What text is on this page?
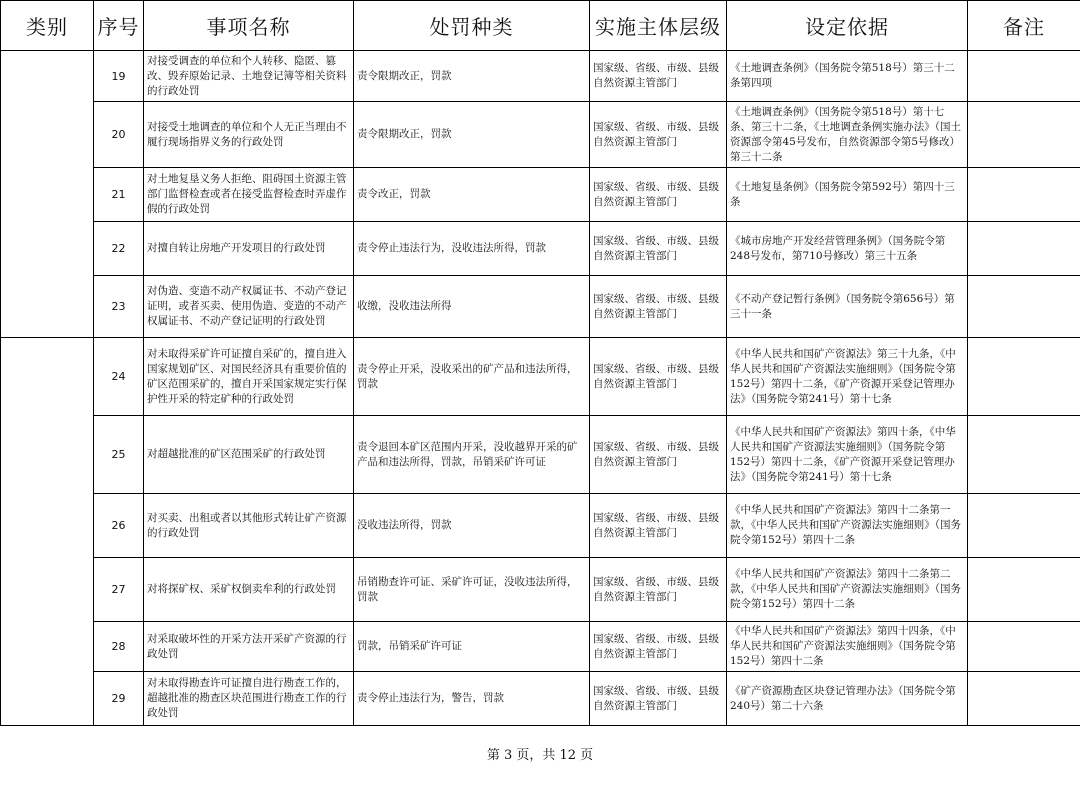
类别	序号	事项名称	处罚种类	实施主体层级	设定依据	备注
	19	对接受调查的单位和个人转移、隐匿、篡改、毁弃原始记录、土地登记簿等相关资料的行政处罚	责令限期改正，罚款	国家级、省级、市级、县级自然资源主管部门	《土地调查条例》（国务院令第518号）第三十二条第四项	
	20	对接受土地调查的单位和个人无正当理由不履行现场指界义务的行政处罚	责令限期改正，罚款	国家级、省级、市级、县级自然资源主管部门	《土地调查条例》（国务院令第518号）第十七条、第三十二条，《土地调查条例实施办法》（国土资源部令第45号发布，自然资源部令第5号修改）第三十二条	
	21	对土地复垦义务人拒绝、阻碍国土资源主管部门监督检查或者在接受监督检查时弄虚作假的行政处罚	责令改正，罚款	国家级、省级、市级、县级自然资源主管部门	《土地复垦条例》（国务院令第592号）第四十三条	
	22	对擅自转让房地产开发项目的行政处罚	责令停止违法行为，没收违法所得，罚款	国家级、省级、市级、县级自然资源主管部门	《城市房地产开发经营管理条例》（国务院令第248号发布，第710号修改）第三十五条	
	23	对伪造、变造不动产权属证书、不动产登记证明，或者买卖、使用伪造、变造的不动产权属证书、不动产登记证明的行政处罚	收缴，没收违法所得	国家级、省级、市级、县级自然资源主管部门	《不动产登记暂行条例》（国务院令第656号）第三十一条	
	24	对未取得采矿许可证擅自采矿的，擅自进入国家规划矿区、对国民经济具有重要价值的矿区范围采矿的，擅自开采国家规定实行保护性开采的特定矿种的行政处罚	责令停止开采，没收采出的矿产品和违法所得，罚款	国家级、省级、市级、县级自然资源主管部门	《中华人民共和国矿产资源法》第三十九条，《中华人民共和国矿产资源法实施细则》（国务院令第152号）第四十二条，《矿产资源开采登记管理办法》（国务院令第241号）第十七条	
	25	对超越批准的矿区范围采矿的行政处罚	责令退回本矿区范围内开采，没收越界开采的矿产品和违法所得，罚款，吊销采矿许可证	国家级、省级、市级、县级自然资源主管部门	《中华人民共和国矿产资源法》第四十条，《中华人民共和国矿产资源法实施细则》（国务院令第152号）第四十二条，《矿产资源开采登记管理办法》（国务院令第241号）第十七条	
	26	对买卖、出租或者以其他形式转让矿产资源的行政处罚	没收违法所得，罚款	国家级、省级、市级、县级自然资源主管部门	《中华人民共和国矿产资源法》第四十二条第一款，《中华人民共和国矿产资源法实施细则》（国务院令第152号）第四十二条	
	27	对将探矿权、采矿权倒卖牟利的行政处罚	吊销勘查许可证、采矿许可证，没收违法所得，罚款	国家级、省级、市级、县级自然资源主管部门	《中华人民共和国矿产资源法》第四十二条第二款，《中华人民共和国矿产资源法实施细则》（国务院令第152号）第四十二条	
	28	对采取破坏性的开采方法开采矿产资源的行政处罚	罚款，吊销采矿许可证	国家级、省级、市级、县级自然资源主管部门	《中华人民共和国矿产资源法》第四十四条，《中华人民共和国矿产资源法实施细则》（国务院令第152号）第四十二条	
	29	对未取得勘查许可证擅自进行勘查工作的，超越批准的勘查区块范围进行勘查工作的行政处罚	责令停止违法行为，警告，罚款	国家级、省级、市级、县级自然资源主管部门	《矿产资源勘查区块登记管理办法》（国务院令第240号）第二十六条	
第 3 页，共 12 页
